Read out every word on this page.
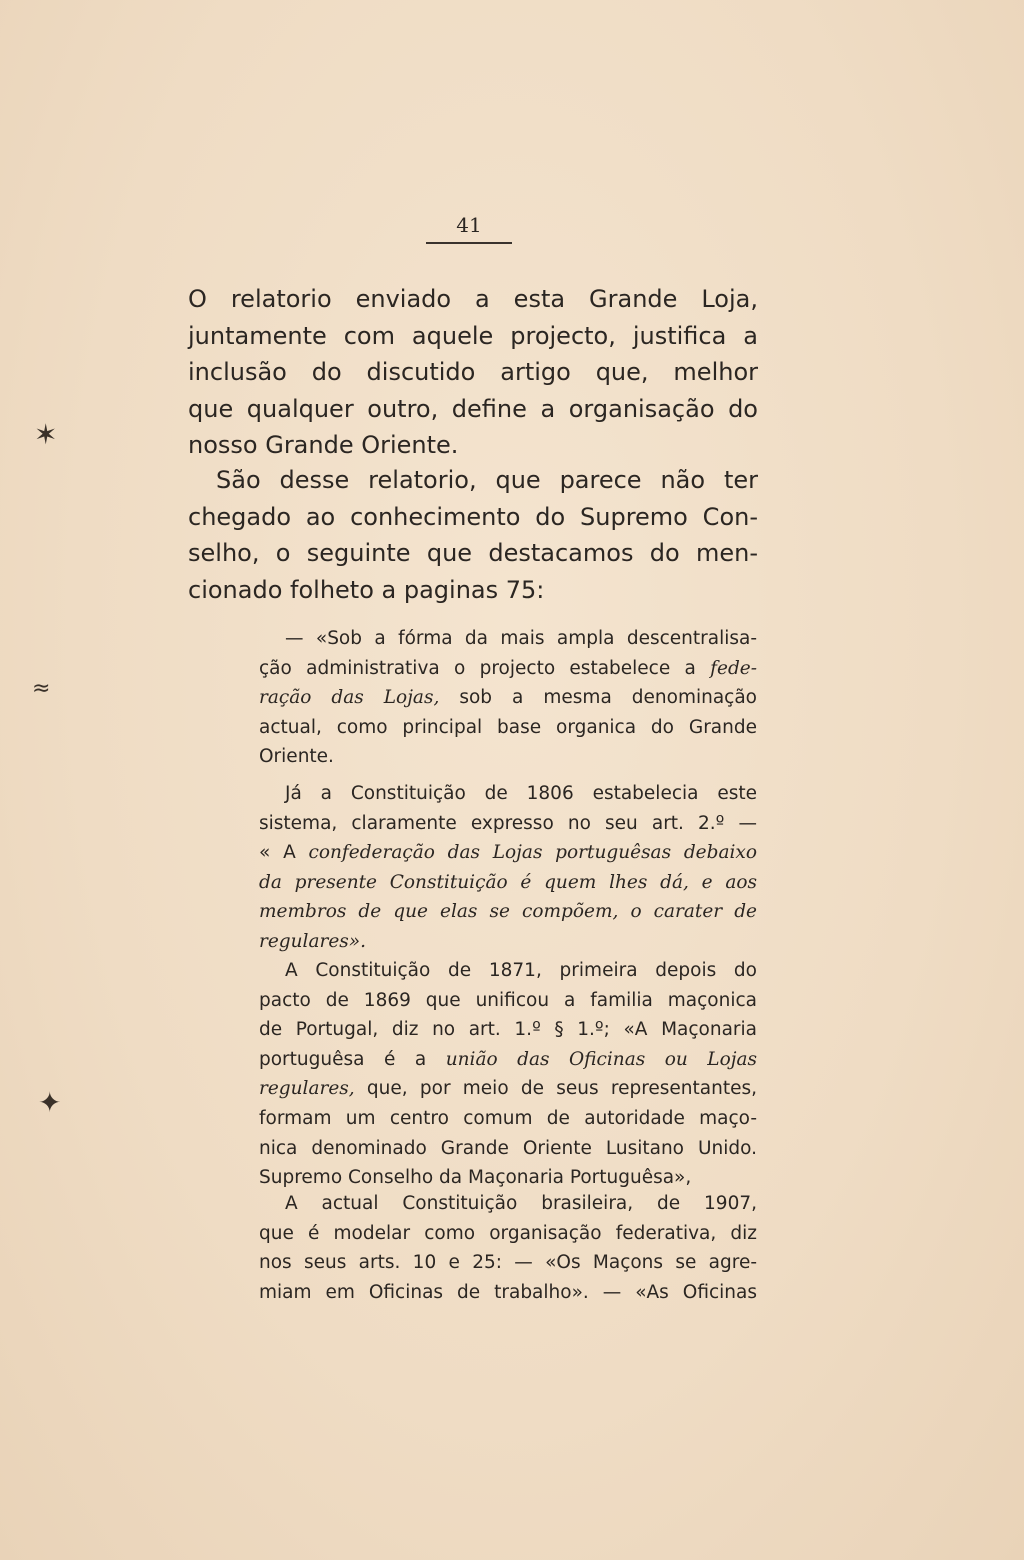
41
✶
≈
✦
O relatorio enviado a esta Grande Loja,
juntamente com aquele projecto, justifica a
inclusão do discutido artigo que, melhor
que qualquer outro, define a organisação do
nosso Grande Oriente.
São desse relatorio, que parece não ter
chegado ao conhecimento do Supremo Con-
selho, o seguinte que destacamos do men-
cionado folheto a paginas 75:
— «Sob a fórma da mais ampla descentralisa-
ção administrativa o projecto estabelece a fede-
ração das Lojas, sob a mesma denominação
actual, como principal base organica do Grande
Oriente.
Já a Constituição de 1806 estabelecia este
sistema, claramente expresso no seu art. 2.º —
« A confederação das Lojas portuguêsas debaixo
da presente Constituição é quem lhes dá, e aos
membros de que elas se compõem, o carater de
regulares».
A Constituição de 1871, primeira depois do
pacto de 1869 que unificou a familia maçonica
de Portugal, diz no art. 1.º § 1.º; «A Maçonaria
portuguêsa é a união das Oficinas ou Lojas
regulares, que, por meio de seus representantes,
formam um centro comum de autoridade maço-
nica denominado Grande Oriente Lusitano Unido.
Supremo Conselho da Maçonaria Portuguêsa»,
A actual Constituição brasileira, de 1907,
que é modelar como organisação federativa, diz
nos seus arts. 10 e 25: — «Os Maçons se agre-
miam em Oficinas de trabalho». — «As Oficinas
